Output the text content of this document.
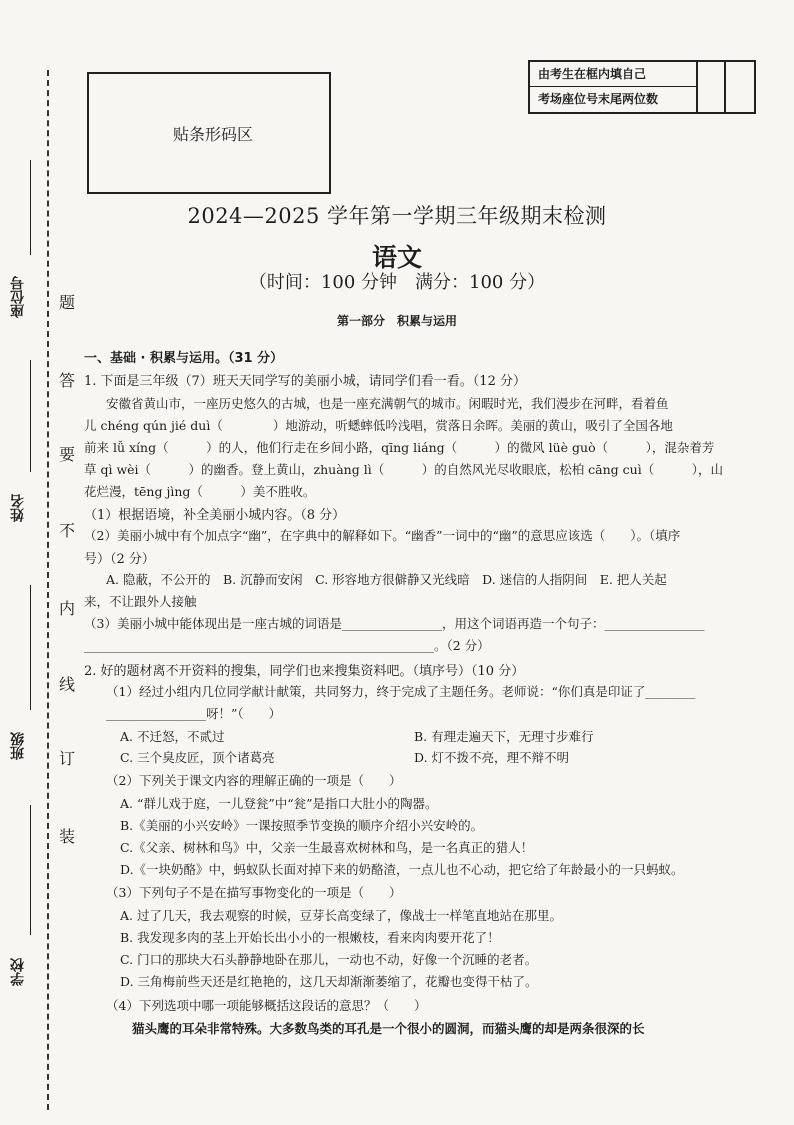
座位号
姓名
班级
学校
题
答
要
不
内
线
订
装
贴条形码区
由考生在框内填自己
考场座位号末尾两位数
2024—2025 学年第一学期三年级期末检测
语文
（时间：100 分钟　满分：100 分）
第一部分　积累与运用
一、基础 · 积累与运用。（31 分）
1. 下面是三年级（7）班天天同学写的美丽小城，请同学们看一看。（12 分）
安徽省黄山市，一座历史悠久的古城，也是一座充满朝气的城市。闲暇时光，我们漫步在河畔，看着鱼
儿 chéng qún jié duì（　　　　）地游动，听蟋蟀低吟浅唱，赏落日余晖。美丽的黄山，吸引了全国各地
前来 lǚ xíng（　　　）的人，他们行走在乡间小路，qīng liáng（　　　）的微风 lüè guò（　　　），混杂着芳
草 qì wèi（　　　）的幽香。登上黄山，zhuàng lì（　　　）的自然风光尽收眼底，松柏 cāng cuì（　　　），山
花烂漫，tēng jìng（　　　）美不胜收。
（1）根据语境，补全美丽小城内容。（8 分）
（2）美丽小城中有个加点字“幽”，在字典中的解释如下。“幽香”一词中的“幽”的意思应该选（　　）。（填序
号）（2 分）
A. 隐蔽，不公开的　B. 沉静而安闲　C. 形容地方很僻静又光线暗　D. 迷信的人指阴间　E. 把人关起
来，不让跟外人接触
（3）美丽小城中能体现出是一座古城的词语是________________，用这个词语再造一个句子：________________
________________________________________________________。（2 分）
2. 好的题材离不开资料的搜集，同学们也来搜集资料吧。（填序号）（10 分）
（1）经过小组内几位同学献计献策，共同努力，终于完成了主题任务。老师说：“你们真是印证了________
________________呀！”（　　）
A. 不迁怒，不贰过	B. 有理走遍天下，无理寸步难行
C. 三个臭皮匠，顶个诸葛亮	D. 灯不拨不亮，理不辩不明
（2）下列关于课文内容的理解正确的一项是（　　）
A. “群儿戏于庭，一儿登瓮”中“瓮”是指口大肚小的陶器。
B.《美丽的小兴安岭》一课按照季节变换的顺序介绍小兴安岭的。
C.《父亲、树林和鸟》中，父亲一生最喜欢树林和鸟，是一名真正的猎人！
D.《一块奶酪》中，蚂蚁队长面对掉下来的奶酪渣，一点儿也不心动，把它给了年龄最小的一只蚂蚁。
（3）下列句子不是在描写事物变化的一项是（　　）
A. 过了几天，我去观察的时候，豆芽长高变绿了，像战士一样笔直地站在那里。
B. 我发现多肉的茎上开始长出小小的一根嫩枝，看来肉肉要开花了！
C. 门口的那块大石头静静地卧在那儿，一动也不动，好像一个沉睡的老者。
D. 三角梅前些天还是红艳艳的，这几天却渐渐萎缩了，花瓣也变得干枯了。
（4）下列选项中哪一项能够概括这段话的意思？（　　）
猫头鹰的耳朵非常特殊。大多数鸟类的耳孔是一个很小的圆洞，而猫头鹰的却是两条很深的长
